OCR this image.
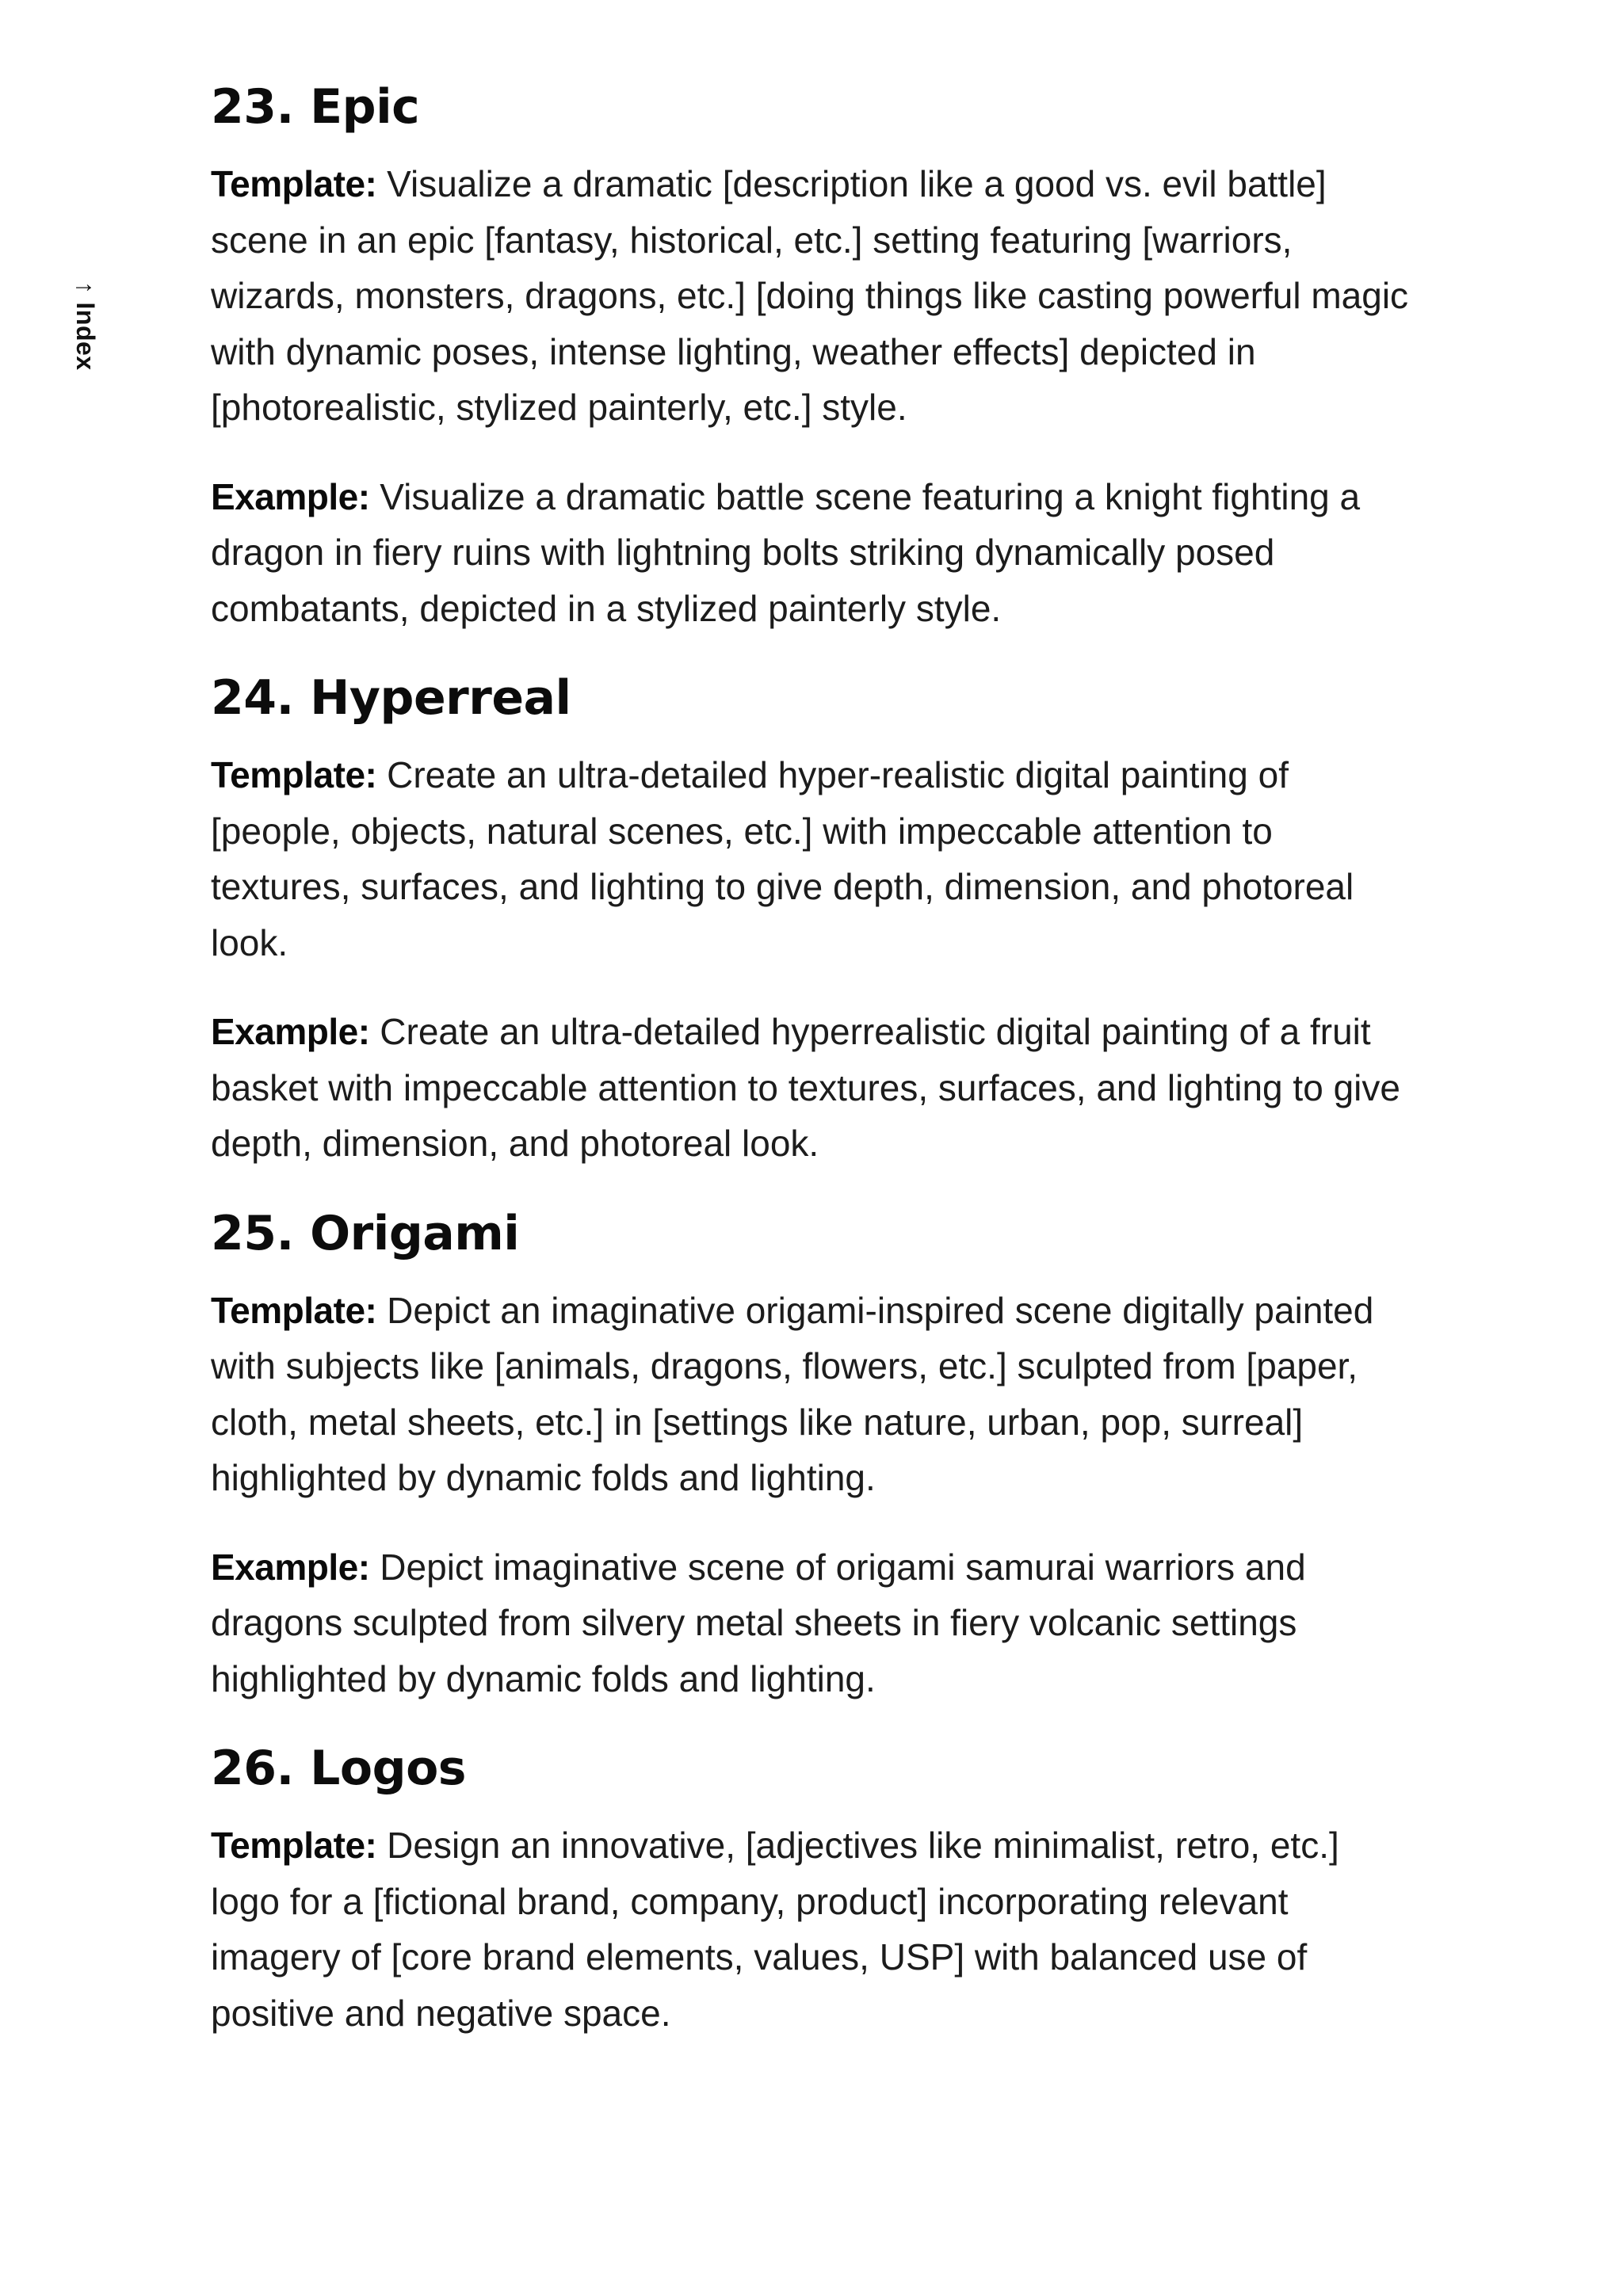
↑Index
23. Epic

Template: Visualize a dramatic [description like a good vs. evil battle] scene in an epic [fantasy, historical, etc.] setting featuring [warriors, wizards, monsters, dragons, etc.] [doing things like casting powerful magic with dynamic poses, intense lighting, weather effects] depicted in [photorealistic, stylized painterly, etc.] style.

Example: Visualize a dramatic battle scene featuring a knight fighting a dragon in fiery ruins with lightning bolts striking dynamically posed combatants, depicted in a stylized painterly style.

24. Hyperreal

Template: Create an ultra-detailed hyper-realistic digital painting of [people, objects, natural scenes, etc.] with impeccable attention to textures, surfaces, and lighting to give depth, dimension, and photoreal look.

Example: Create an ultra-detailed hyperrealistic digital painting of a fruit basket with impeccable attention to textures, surfaces, and lighting to give depth, dimension, and photoreal look.

25. Origami

Template: Depict an imaginative origami-inspired scene digitally painted with subjects like [animals, dragons, flowers, etc.] sculpted from [paper, cloth, metal sheets, etc.] in [settings like nature, urban, pop, surreal] highlighted by dynamic folds and lighting.

Example: Depict imaginative scene of origami samurai warriors and dragons sculpted from silvery metal sheets in fiery volcanic settings highlighted by dynamic folds and lighting.

26. Logos

Template: Design an innovative, [adjectives like minimalist, retro, etc.] logo for a [fictional brand, company, product] incorporating relevant imagery of [core brand elements, values, USP] with balanced use of positive and negative space.
